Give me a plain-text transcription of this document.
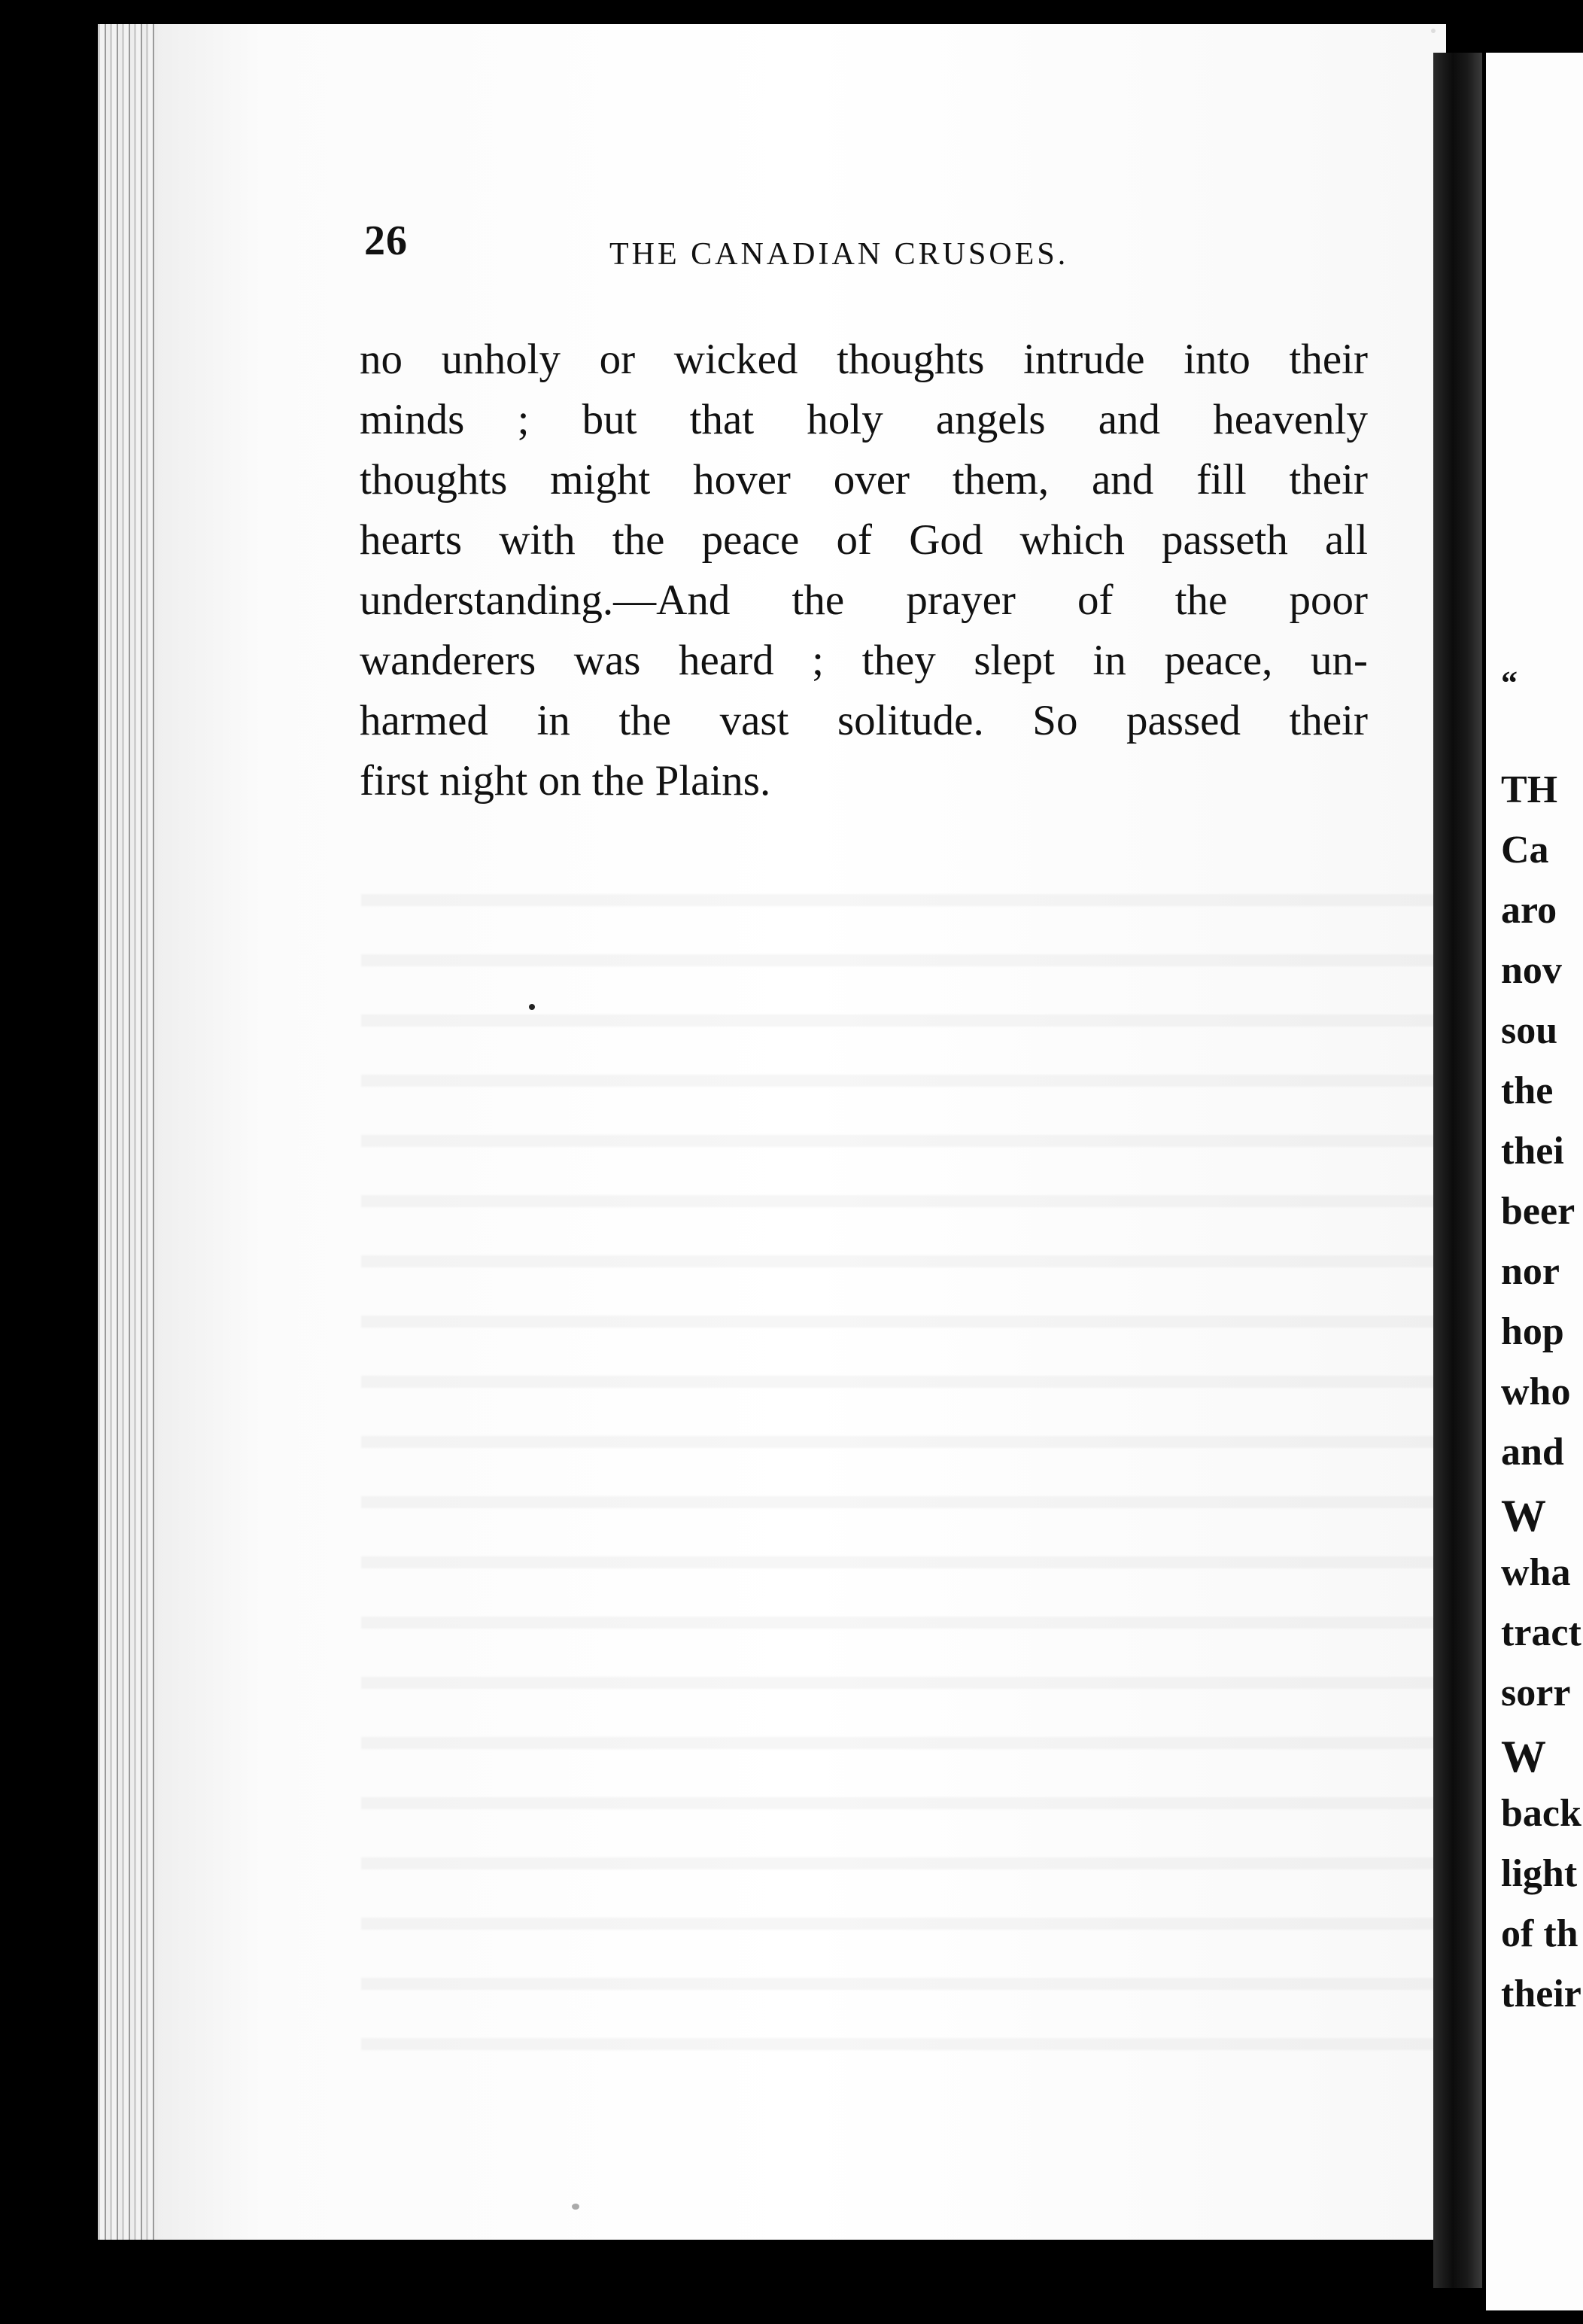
26	THE CANADIAN CRUSOES.
no unholy or wicked thoughts intrude into their
minds ; but that holy angels and heavenly
thoughts might hover over them, and fill their
hearts with the peace of God which passeth all
understanding.—And the prayer of the poor
wanderers was heard ; they slept in peace, un-
harmed in the vast solitude. So passed their
first night on the Plains.
“
TH
Ca
aro
nov
sou
the
thei
beer
nor
hop
who
and
W
wha
tract
sorr
W
back
light
of th
their
